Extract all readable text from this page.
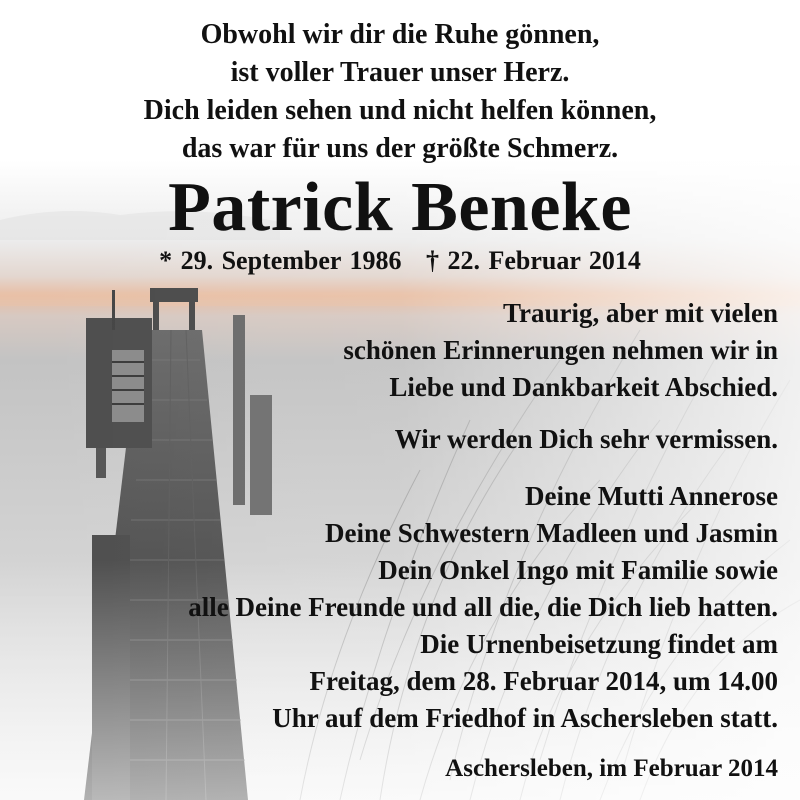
Obwohl wir dir die Ruhe gönnen,
ist voller Trauer unser Herz.
Dich leiden sehen und nicht helfen können,
das war für uns der größte Schmerz.
Patrick Beneke
* 29. September 1986 † 22. Februar 2014
Traurig, aber mit vielen
schönen Erinnerungen nehmen wir in
Liebe und Dankbarkeit Abschied.
Wir werden Dich sehr vermissen.
Deine Mutti Annerose
Deine Schwestern Madleen und Jasmin
Dein Onkel Ingo mit Familie sowie
alle Deine Freunde und all die, die Dich lieb hatten.
Die Urnenbeisetzung findet am
Freitag, dem 28. Februar 2014, um 14.00
Uhr auf dem Friedhof in Aschersleben statt.
Aschersleben, im Februar 2014
